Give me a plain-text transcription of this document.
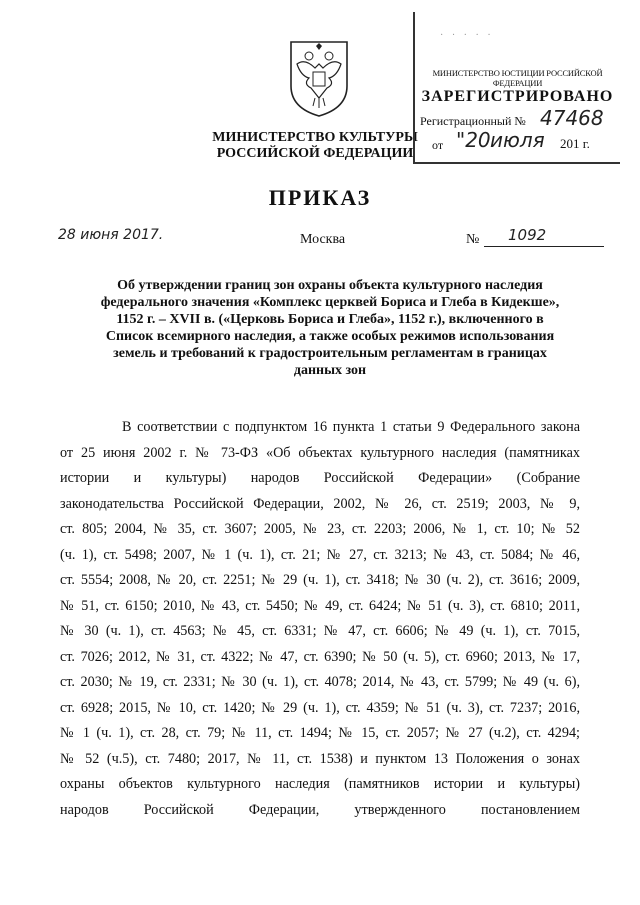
МИНИСТЕРСТВО КУЛЬТУРЫ
РОССИЙСКОЙ ФЕДЕРАЦИИ
· · · · ·
МИНИСТЕРСТВО ЮСТИЦИИ РОССИЙСКОЙ ФЕДЕРАЦИИ
ЗАРЕГИСТРИРОВАНО
Регистрационный № 47468
от "20 июля 201 г.
ПРИКАЗ
28 июня 2017.	Москва	№ 1092
Об утверждении границ зон охраны объекта культурного наследия
федерального значения «Комплекс церквей Бориса и Глеба в Кидекше»,
1152 г. – XVII в. («Церковь Бориса и Глеба», 1152 г.), включенного в
Список всемирного наследия, а также особых режимов использования
земель и требований к градостроительным регламентам в границах
данных зон
В соответствии с подпунктом 16 пункта 1 статьи 9 Федерального закона
от 25 июня 2002 г. № 73-ФЗ «Об объектах культурного наследия (памятниках
истории и культуры) народов Российской Федерации» (Собрание
законодательства Российской Федерации, 2002, № 26, ст. 2519; 2003, № 9,
ст. 805; 2004, № 35, ст. 3607; 2005, № 23, ст. 2203; 2006, № 1, ст. 10; № 52
(ч. 1), ст. 5498; 2007, № 1 (ч. 1), ст. 21; № 27, ст. 3213; № 43, ст. 5084; № 46,
ст. 5554; 2008, № 20, ст. 2251; № 29 (ч. 1), ст. 3418; № 30 (ч. 2), ст. 3616; 2009,
№ 51, ст. 6150; 2010, № 43, ст. 5450; № 49, ст. 6424; № 51 (ч. 3), ст. 6810; 2011,
№ 30 (ч. 1), ст. 4563; № 45, ст. 6331; № 47, ст. 6606; № 49 (ч. 1), ст. 7015,
ст. 7026; 2012, № 31, ст. 4322; № 47, ст. 6390; № 50 (ч. 5), ст. 6960; 2013, № 17,
ст. 2030; № 19, ст. 2331; № 30 (ч. 1), ст. 4078; 2014, № 43, ст. 5799; № 49 (ч. 6),
ст. 6928; 2015, № 10, ст. 1420; № 29 (ч. 1), ст. 4359; № 51 (ч. 3), ст. 7237; 2016,
№ 1 (ч. 1), ст. 28, ст. 79; № 11, ст. 1494; № 15, ст. 2057; № 27 (ч.2), ст. 4294;
№ 52 (ч.5), ст. 7480; 2017, № 11, ст. 1538) и пунктом 13 Положения о зонах
охраны объектов культурного наследия (памятников истории и культуры)
народов Российской Федерации, утвержденного постановлением
